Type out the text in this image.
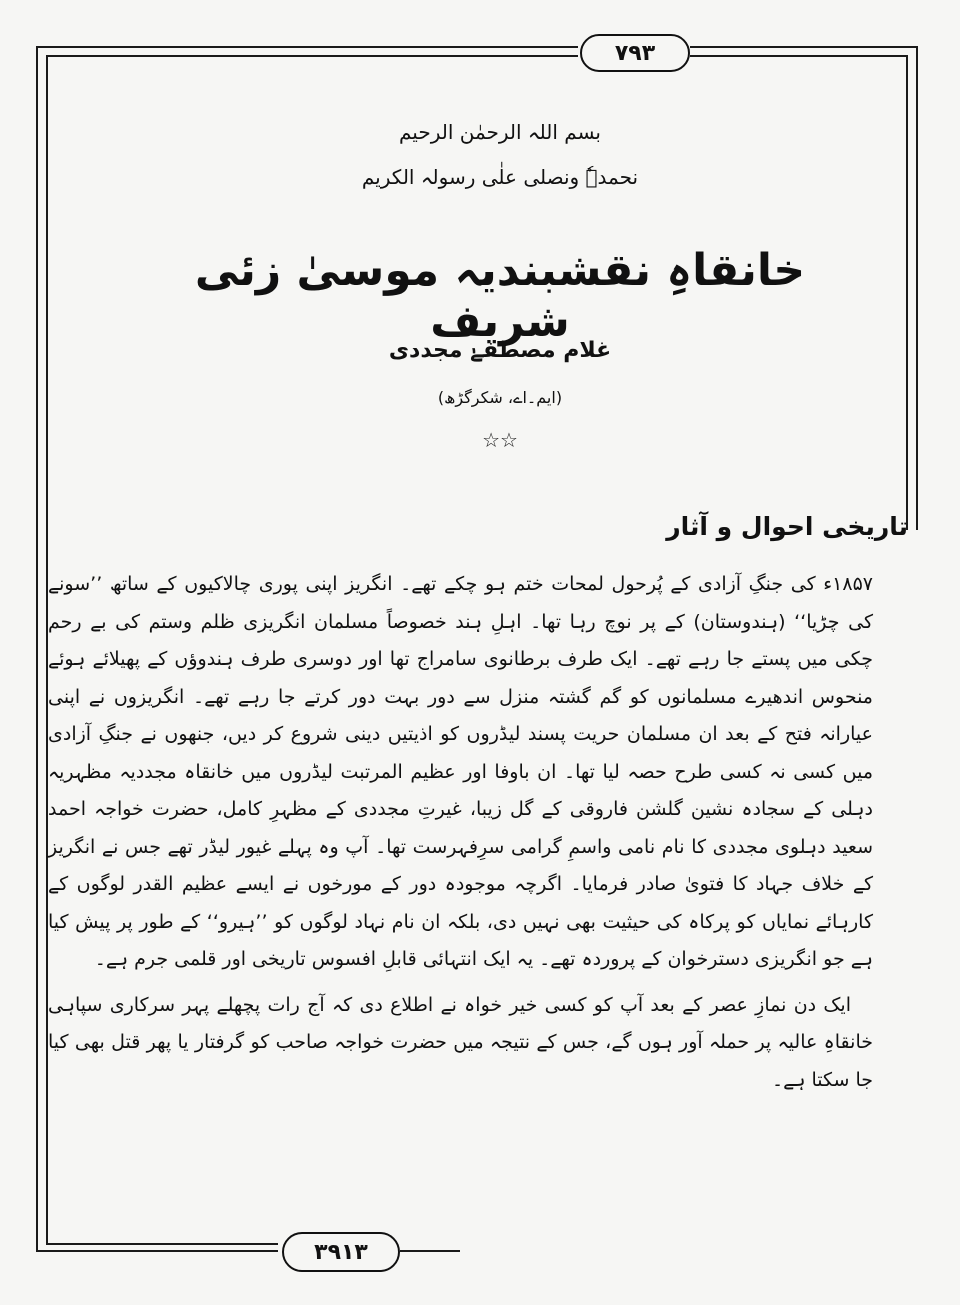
۷۹۳
بسم اللہ الرحمٰن الرحیم
نحمدہٗ ونصلی علٰی رسولہ الکریم
خانقاہِ نقشبندیہ موسیٰ زئی شریف
غلام مصطفےٰ مجددی
(ایم۔اے، شکرگڑھ)
☆☆
تاریخی احوال و آثار

۱۸۵۷ء کی جنگِ آزادی کے پُرحول لمحات ختم ہو چکے تھے۔ انگریز اپنی پوری چالاکیوں کے ساتھ ’’سونے کی چڑیا‘‘ (ہندوستان) کے پر نوچ رہا تھا۔ اہلِ ہند خصوصاً مسلمان انگریزی ظلم وستم کی بے رحم چکی میں پستے جا رہے تھے۔ ایک طرف برطانوی سامراج تھا اور دوسری طرف ہندوؤں کے پھیلائے ہوئے منحوس اندھیرے مسلمانوں کو گم گشتہ منزل سے دور بہت دور کرتے جا رہے تھے۔ انگریزوں نے اپنی عیارانہ فتح کے بعد ان مسلمان حریت پسند لیڈروں کو اذیتیں دینی شروع کر دیں، جنھوں نے جنگِ آزادی میں کسی نہ کسی طرح حصہ لیا تھا۔ ان باوفا اور عظیم المرتبت لیڈروں میں خانقاہ مجددیہ مظہریہ دہلی کے سجادہ نشین گلشن فاروقی کے گل زیبا، غیرتِ مجددی کے مظہرِ کامل، حضرت خواجہ احمد سعید دہلوی مجددی کا نام نامی واسمِ گرامی سرِفہرست تھا۔ آپ وہ پہلے غیور لیڈر تھے جس نے انگریز کے خلاف جہاد کا فتویٰ صادر فرمایا۔ اگرچہ موجودہ دور کے مورخوں نے ایسے عظیم القدر لوگوں کے کارہائے نمایاں کو پرکاہ کی حیثیت بھی نہیں دی، بلکہ ان نام نہاد لوگوں کو ’’ہیرو‘‘ کے طور پر پیش کیا ہے جو انگریزی دسترخوان کے پروردہ تھے۔ یہ ایک انتہائی قابلِ افسوس تاریخی اور قلمی جرم ہے۔

ایک دن نمازِ عصر کے بعد آپ کو کسی خیر خواہ نے اطلاع دی کہ آج رات پچھلے پہر سرکاری سپاہی خانقاہِ عالیہ پر حملہ آور ہوں گے، جس کے نتیجہ میں حضرت خواجہ صاحب کو گرفتار یا پھر قتل بھی کیا جا سکتا ہے۔

۳۹۱۳
